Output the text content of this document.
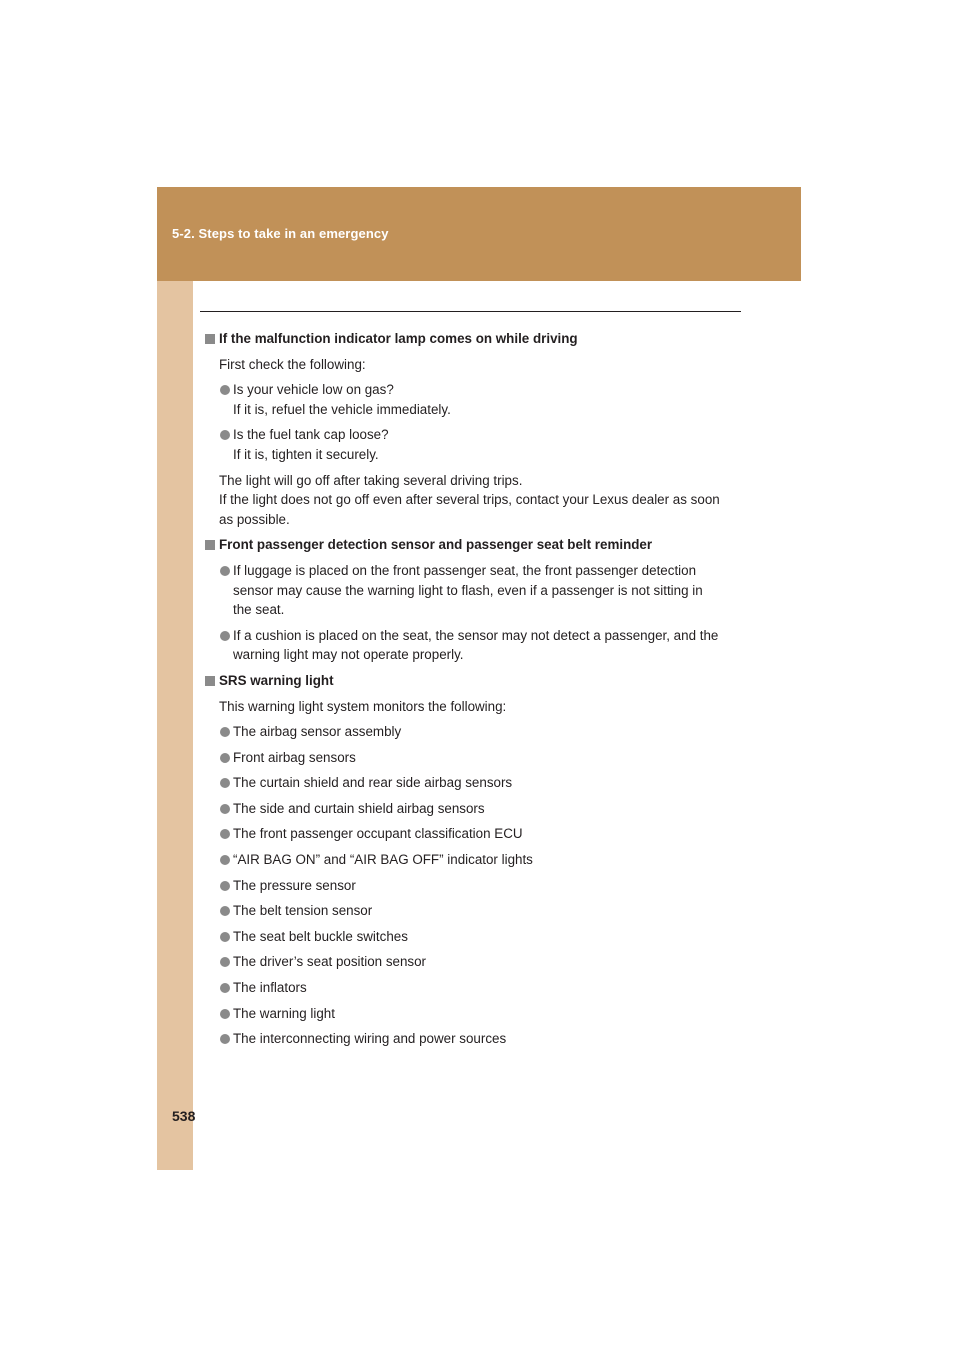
5-2. Steps to take in an emergency
If the malfunction indicator lamp comes on while driving
First check the following:
Is your vehicle low on gas?
If it is, refuel the vehicle immediately.
Is the fuel tank cap loose?
If it is, tighten it securely.
The light will go off after taking several driving trips.
If the light does not go off even after several trips, contact your Lexus dealer as soon
as possible.
Front passenger detection sensor and passenger seat belt reminder
If luggage is placed on the front passenger seat, the front passenger detection
sensor may cause the warning light to flash, even if a passenger is not sitting in
the seat.
If a cushion is placed on the seat, the sensor may not detect a passenger, and the
warning light may not operate properly.
SRS warning light
This warning light system monitors the following:
The airbag sensor assembly
Front airbag sensors
The curtain shield and rear side airbag sensors
The side and curtain shield airbag sensors
The front passenger occupant classification ECU
“AIR BAG ON” and “AIR BAG OFF” indicator lights
The pressure sensor
The belt tension sensor
The seat belt buckle switches
The driver’s seat position sensor
The inflators
The warning light
The interconnecting wiring and power sources
538
